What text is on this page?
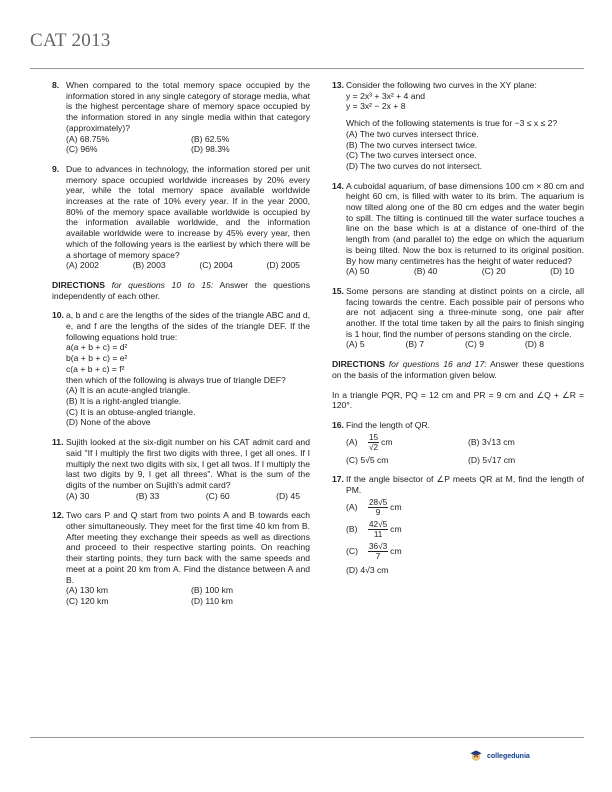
CAT 2013
8. When compared to the total memory space occupied by the information stored in any single category of storage media, what is the highest percentage share of memory space occupied by the information stored in any single media within that category (approximately)?
(A) 68.75%	(B) 62.5%
(C) 96%	(D) 98.3%
9. Due to advances in technology, the information stored per unit memory space occupied worldwide increases by 20% every year, while the total memory space available worldwide increases at the rate of 10% every year. If in the year 2000, 80% of the memory space available worldwide is occupied by the information available worldwide, and the information available worldwide were to increase by 45% every year, then which of the following years is the earliest by which there will be a shortage of memory space?
(A) 2002	(B) 2003	(C) 2004	(D) 2005
DIRECTIONS for questions 10 to 15: Answer the questions independently of each other.
10. a, b and c are the lengths of the sides of the triangle ABC and d, e, and f are the lengths of the sides of the triangle DEF. If the following equations hold true:
a(a + b + c) = d²
b(a + b + c) = e²
c(a + b + c) = f²
then which of the following is always true of triangle DEF?
(A) It is an acute-angled triangle.
(B) It is a right-angled triangle.
(C) It is an obtuse-angled triangle.
(D) None of the above
11. Sujith looked at the six-digit number on his CAT admit card and said "If I multiply the first two digits with three, I get all ones. If I multiply the next two digits with six, I get all twos. If I multiply the last two digits by 9, I get all threes". What is the sum of the digits of the number on Sujith's admit card?
(A) 30	(B) 33	(C) 60	(D) 45
12. Two cars P and Q start from two points A and B towards each other simultaneously. They meet for the first time 40 km from B. After meeting they exchange their speeds as well as directions and proceed to their respective starting points. On reaching their starting points, they turn back with the same speeds and meet at a point 20 km from A. Find the distance between A and B.
(A) 130 km	(B) 100 km
(C) 120 km	(D) 110 km
13. Consider the following two curves in the XY plane:
y = 2x³ + 3x² + 4 and
y = 3x² − 2x + 8
Which of the following statements is true for −3 ≤ x ≤ 2?
(A) The two curves intersect thrice.
(B) The two curves intersect twice.
(C) The two curves intersect once.
(D) The two curves do not intersect.
14. A cuboidal aquarium, of base dimensions 100 cm × 80 cm and height 60 cm, is filled with water to its brim. The aquarium is now tilted along one of the 80 cm edges and the water begin to spill. The tilting is continued till the water surface touches a line on the base which is at a distance of one-third of the length from (and parallel to) the edge on which the aquarium is being tilted. Now the box is returned to its original position. By how many centimetres has the height of water reduced?
(A) 50	(B) 40	(C) 20	(D) 10
15. Some persons are standing at distinct points on a circle, all facing towards the centre. Each possible pair of persons who are not adjacent sing a three-minute song, one pair after another. If the total time taken by all the pairs to finish singing is 1 hour, find the number of persons standing on the circle.
(A) 5	(B) 7	(C) 9	(D) 8
DIRECTIONS for questions 16 and 17: Answer these questions on the basis of the information given below.
In a triangle PQR, PQ = 12 cm and PR = 9 cm and ∠Q + ∠R = 120°.
16. Find the length of QR.
(A)	$\frac{15}{√2}$ cm	(B) 3√13 cm
(C) 5√5 cm	(D) 5√17 cm
17. If the angle bisector of ∠P meets QR at M, find the length of PM.
(A)	$\frac{28√5}{9}$ cm
(B)	$\frac{42√5}{11}$ cm
(C)	$\frac{36√3}{7}$ cm
(D) 4√3 cm
collegedunia
